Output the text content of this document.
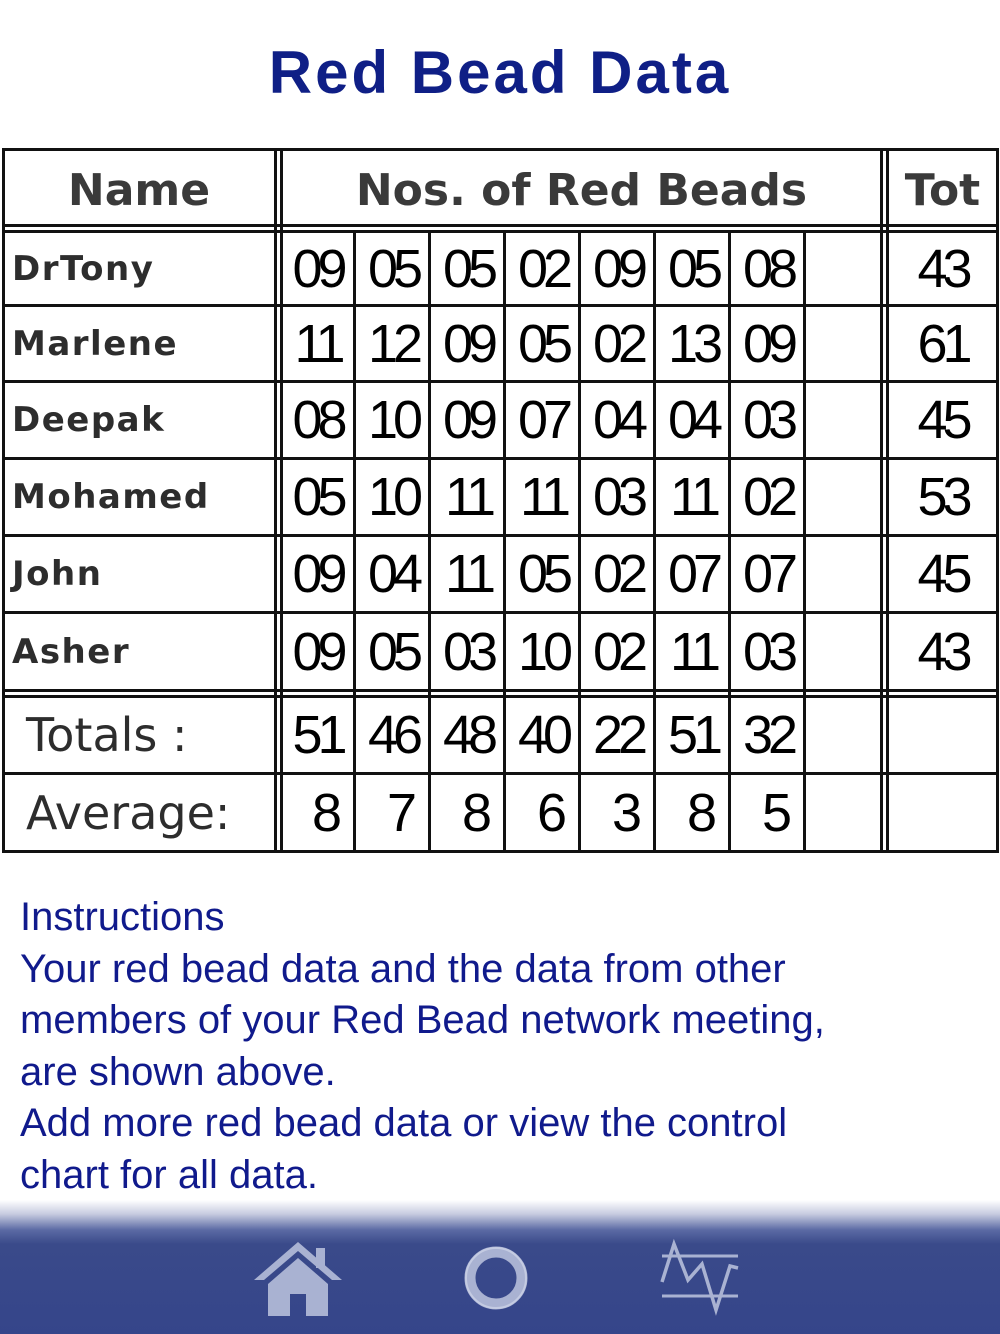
Red Bead Data
Name	Nos. of Red Beads	Tot
DrTony	09 05 05 02 09 05 08	43
Marlene	11 12 09 05 02 13 09	61
Deepak	08 10 09 07 04 04 03	45
Mohamed	05 10 11 11 03 11 02	53
John	09 04 11 05 02 07 07	45
Asher	09 05 03 10 02 11 03	43
Totals :	51 46 48 40 22 51 32
Average:	8 7 8 6 3 8 5
Instructions
Your red bead data and the data from other
members of your Red Bead network meeting,
are shown above.
Add more red bead data or view the control
chart for all data.
